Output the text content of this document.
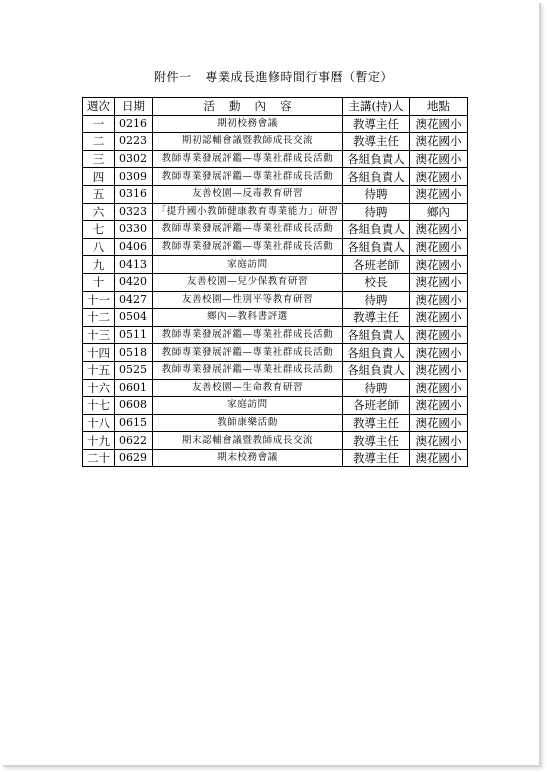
附件一 專業成長進修時間行事曆（暫定）
週次	日期	活動內容	主講(持)人	地點
一	0216	期初校務會議	教導主任	澳花國小
二	0223	期初認輔會議暨教師成長交流	教導主任	澳花國小
三	0302	教師專業發展評鑑—專業社群成長活動	各組負責人	澳花國小
四	0309	教師專業發展評鑑—專業社群成長活動	各組負責人	澳花國小
五	0316	友善校園—反毒教育研習	待聘	澳花國小
六	0323	「提升國小教師健康教育專業能力」研習	待聘	鄉內
七	0330	教師專業發展評鑑—專業社群成長活動	各組負責人	澳花國小
八	0406	教師專業發展評鑑—專業社群成長活動	各組負責人	澳花國小
九	0413	家庭訪問	各班老師	澳花國小
十	0420	友善校園—兒少保教育研習	校長	澳花國小
十一	0427	友善校園—性別平等教育研習	待聘	澳花國小
十二	0504	鄉內—教科書評選	教導主任	澳花國小
十三	0511	教師專業發展評鑑—專業社群成長活動	各組負責人	澳花國小
十四	0518	教師專業發展評鑑—專業社群成長活動	各組負責人	澳花國小
十五	0525	教師專業發展評鑑—專業社群成長活動	各組負責人	澳花國小
十六	0601	友善校園—生命教育研習	待聘	澳花國小
十七	0608	家庭訪問	各班老師	澳花國小
十八	0615	教師康樂活動	教導主任	澳花國小
十九	0622	期末認輔會議暨教師成長交流	教導主任	澳花國小
二十	0629	期末校務會議	教導主任	澳花國小
